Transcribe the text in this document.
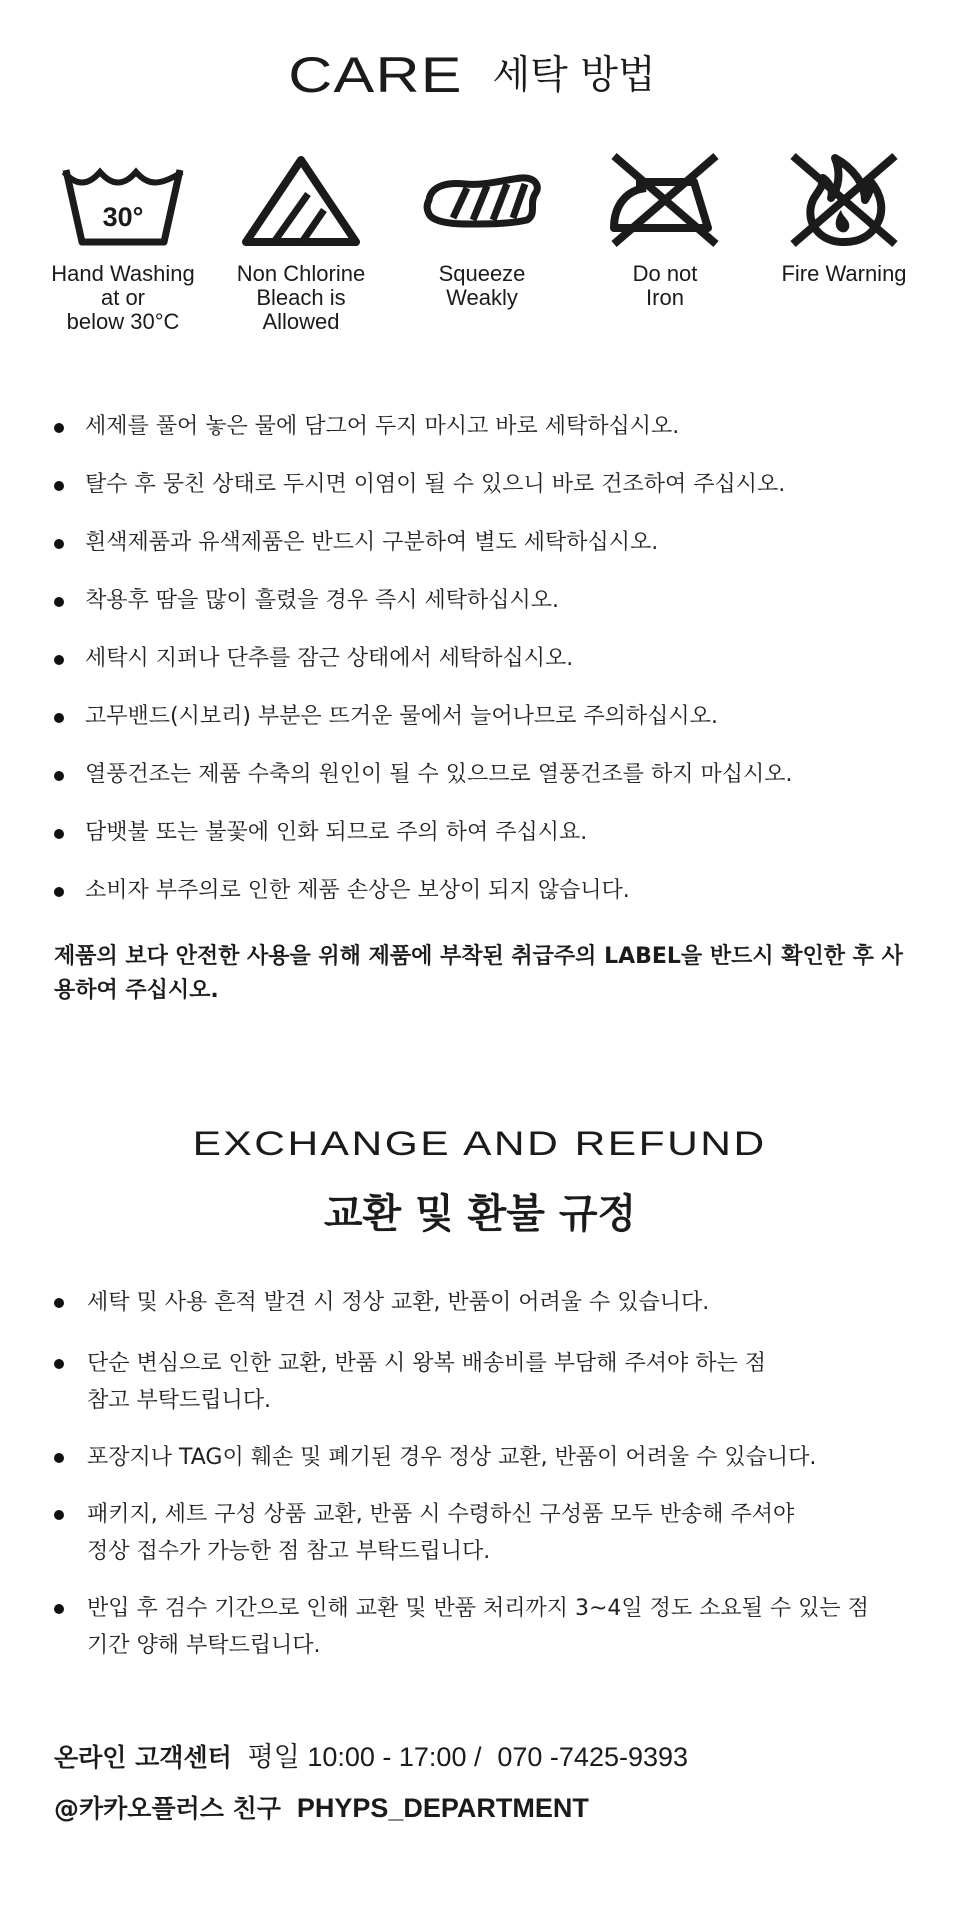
CARE 세탁 방법
30°
Hand Washing
at or
below 30°C
Non Chlorine
Bleach is
Allowed
Squeeze
Weakly
Do not
Iron
Fire Warning
세제를 풀어 놓은 물에 담그어 두지 마시고 바로 세탁하십시오.
탈수 후 뭉친 상태로 두시면 이염이 될 수 있으니 바로 건조하여 주십시오.
흰색제품과 유색제품은 반드시 구분하여 별도 세탁하십시오.
착용후 땀을 많이 흘렸을 경우 즉시 세탁하십시오.
세탁시 지퍼나 단추를 잠근 상태에서 세탁하십시오.
고무밴드(시보리) 부분은 뜨거운 물에서 늘어나므로 주의하십시오.
열풍건조는 제품 수축의 원인이 될 수 있으므로 열풍건조를 하지 마십시오.
담뱃불 또는 불꽃에 인화 되므로 주의 하여 주십시요.
소비자 부주의로 인한 제품 손상은 보상이 되지 않습니다.

제품의 보다 안전한 사용을 위해 제품에 부착된 취급주의 LABEL을 반드시 확인한 후 사용하여 주십시오.

EXCHANGE AND REFUND
교환 및 환불 규정
세탁 및 사용 흔적 발견 시 정상 교환, 반품이 어려울 수 있습니다.
단순 변심으로 인한 교환, 반품 시 왕복 배송비를 부담해 주셔야 하는 점
참고 부탁드립니다.
포장지나 TAG이 훼손 및 폐기된 경우 정상 교환, 반품이 어려울 수 있습니다.
패키지, 세트 구성 상품 교환, 반품 시 수령하신 구성품 모두 반송해 주셔야
정상 접수가 가능한 점 참고 부탁드립니다.
반입 후 검수 기간으로 인해 교환 및 반품 처리까지 3~4일 정도 소요될 수 있는 점
기간 양해 부탁드립니다.
온라인 고객센터 평일 10:00 - 17:00 / 070 -7425-9393
@카카오플러스 친구 PHYPS_DEPARTMENT
